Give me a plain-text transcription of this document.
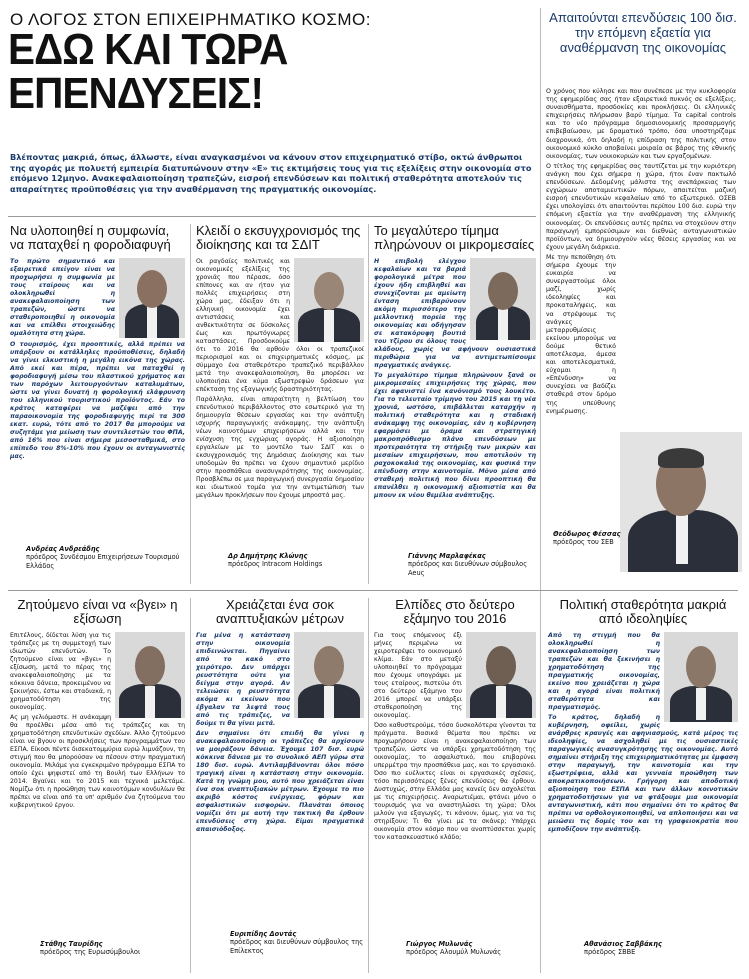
Ο ΛΟΓΟΣ ΣΤΟΝ ΕΠΙΧΕΙΡΗΜΑΤΙΚΟ ΚΟΣΜΟ:
ΕΔΩ ΚΑΙ ΤΩΡΑ
ΕΠΕΝΔΥΣΕΙΣ!
Βλέποντας μακριά, όπως, άλλωστε, είναι αναγκασμένοι να κάνουν στον επιχειρηματικό στίβο, οκτώ άνθρωποι της αγοράς με πολυετή εμπειρία διατυπώνουν στην «Ε» τις εκτιμήσεις τους για τις εξελίξεις στην οικονομία στο επόμενο 12μηνο. Ανακεφαλαιοποίηση τραπεζών, εισροή επενδύσεων και πολιτική σταθερότητα αποτελούν τις απαραίτητες προϋποθέσεις για την αναθέρμανση της πραγματικής οικονομίας.
Να υλοποιηθεί η συμφωνία, να παταχθεί η φοροδιαφυγή
Το πρώτο σημαντικό και εξαιρετικά επείγον είναι να προχωρήσει η συμφωνία με τους εταίρους και να ολοκληρωθεί η ανακεφαλαιοποίηση των τραπεζών, ώστε να σταθεροποιηθεί η οικονομία και να επέλθει στοιχειώδης ομαλότητα στη χώρα.
Ο τουρισμός, έχει προοπτικές, αλλά πρέπει να υπάρξουν οι κατάλληλες προϋποθέσεις, δηλαδή να γίνει ελκυστική η μεγάλη εικόνα της χώρας. Από εκεί και πέρα, πρέπει να παταχθεί η φοροδιαφυγή μέσω του πλαστικού χρήματος και των παρόχων λειτουργούντων καταλυμάτων, ώστε να γίνει δυνατή η φορολογική ελάφρυνση του ελληνικού τουριστικού προϊόντος. Εάν το κράτος καταφέρει να μαζέψει από την παραοικονομία της φοροδιαφυγής περί τα 300 εκατ. ευρώ, τότε από το 2017 θα μπορούμε να συζητάμε για μείωση των συντελεστών του ΦΠΑ, από 16% που είναι σήμερα μεσοσταθμικά, στο επίπεδο του 8%-10% που έχουν οι ανταγωνιστές μας.
Ανδρέας Ανδρεάδης
πρόεδρος Συνδέσμου Επιχειρήσεων Τουρισμού Ελλάδος
Κλειδί ο εκσυγχρονισμός της διοίκησης και τα ΣΔΙΤ
Οι ραγδαίες πολιτικές και οικονομικές εξελίξεις της χρονιάς που πέρασε, όσο επίπονες και αν ήταν για πολλές επιχειρήσεις στη χώρα μας, έδειξαν ότι η ελληνική οικονομία έχει αντιστάσεις και ανθεκτικότητα σε δύσκολες έως και πρωτόγνωρες καταστάσεις. Προσδοκούμε ότι το 2016 θα αρθούν όλοι οι τραπεζικοί περιορισμοί και οι επιχειρηματικές κόσμος, με σύμμαχο ένα σταθερότερο τραπεζικό περιβάλλον μετά την ανακεφαλαιοποίηση, θα μπορέσει να υλοποιήσει ένα κύμα εξωστρεφών δράσεων για επέκταση της εξαγωγικής δραστηριότητας.
Παράλληλα, είναι απαραίτητη η βελτίωση του επενδυτικού περιβάλλοντος στο εσωτερικό για τη δημιουργία θέσεων εργασίας και την ανάπτυξη ισχυρής παραγωγικής ανάκαμψης, την ανάπτυξη νέων καινοτόμων επιχειρήσεων αλλά και την ενίσχυση της εγχώριας αγοράς. Η αξιοποίηση εργαλείων με το μοντέλο των ΣΔΙΤ και ο εκσυγχρονισμός της Δημόσιας Διοίκησης και των υποδομών θα πρέπει να έχουν σημαντικό μερίδιο στην προσπάθεια ανασυγκρότησης της οικονομίας. Προσβλέπω σε μια παραγωγική συνεργασία δημοσίου και ιδιωτικού τομέα για την αντιμετώπιση των μεγάλων προκλήσεων που έχουμε μπροστά μας.
Δρ Δημήτρης Κλώνης
πρόεδρος Intracom Holdings
Το μεγαλύτερο τίμημα πληρώνουν οι μικρομεσαίες
Η επιβολή ελέγχου κεφαλαίων και τα βαριά φορολογικά μέτρα που έχουν ήδη επιβληθεί και συνεχίζονται με αμείωτη ένταση επιβαρύνουν ακόμη περισσότερο την μελλοντική πορεία της οικονομίας και οδήγησαν σε κατακόρυφη βουτιά του τζίρου σε όλους τους κλάδους, χωρίς να αφήνουν ουσιαστικά περιθώρια για να αντιμετωπίσουμε πραγματικές ανάγκες.
Το μεγαλύτερο τίμημα πληρώνουν ξανά οι μικρομεσαίες επιχειρήσεις της χώρας, που έχει αφανιστεί ένα κανόνισμό τους λουκέτο. Για το τελευταίο τρίμηνο του 2015 και τη νέα χρονιά, ωστόσο, επιβάλλεται καταρχήν η πολιτική σταθερότητα και η σταδιακή ανάκαμψη της οικονομίας, εάν η κυβέρνηση εφαρμόσει με όραμα και στρατηγική μακροπρόθεσμο πλάνο επενδύσεων με προτεραιότητα τη στήριξη των μικρών και μεσαίων επιχειρήσεων, που αποτελούν τη ραχοκοκαλιά της οικονομίας, και φυσικά την επένδυση στην καινοτομία. Μόνο μέσα από σταθερή πολιτική που δίνει προοπτική θα επανέλθει η οικονομική αξιοπιστία και θα μπουν εκ νέου θεμέλια ανάπτυξης.
Γιάννης Μαρλαφέκας
πρόεδρος και διευθύνων σύμβουλος Aeuς
Ζητούμενο είναι να «βγει» η εξίσωση
Επιτέλους, δίδεται λύση για τις τράπεζες με τη συμμετοχή των ιδιωτών επενδυτών. Το ζητούμενο είναι να «βγει» η εξίσωση, μετά το πέρας της ανακεφαλαιοποίησης με τα κόκκινα δάνεια, προκειμένου να ξεκινήσει, έστω και σταδιακά, η χρηματοδότηση της οικονομίας.
Ας μη γελιόμαστε. Η ανάκαμψη θα προέλθει μέσα από τις τράπεζες και τη χρηματοδότηση επενδυτικών σχεδίων. Άλλο ζητούμενο είναι να βγουν οι προσκλήσεις των προγραμμάτων του ΕΣΠΑ. Είκοσι πέντε δισεκατομμύρια ευρώ λιμνάζουν, τη στιγμή που θα μπορούσαν να πέσουν στην πραγματική οικονομία. Μιλάμε για εγκεκριμένο πρόγραμμα ΕΣΠΑ το οποίο έχει ψηφιστεί από τη Βουλή των Ελλήνων το 2014. Βγαίνει και το 2015 και τεχνικά μελετάμε. Νομίζω ότι η προώθηση των καινοτόμων κονδυλίων θα πρέπει να είναι από τα υπ' αριθμόν ένα ζητούμενα του κυβερνητικού έργου.
Στάθης Ταυρίδης
πρόεδρος της Ευρωσύμβουλοι
Χρειάζεται ένα σοκ αναπτυξιακών μέτρων
Για μένα η κατάσταση στην οικονομία επιδεινώνεται. Πηγαίνει από το κακό στο χειρότερο. Δεν υπάρχει ρευστότητα ούτε για δείγμα στην αγορά. Αν τελειώσει η ρευστότητα ακόμα κι εκείνων που έβγαλαν τα λεφτά τους από τις τράπεζες, να δούμε τι θα γίνει μετά.
Δεν σημαίνει ότι επειδή θα γίνει η ανακεφαλαιοποίηση οι τράπεζες θα αρχίσουν να μοιράζουν δάνεια. Έχουμε 107 δισ. ευρώ κόκκινα δάνεια με το συνολικό ΑΕΠ γύρω στα 180 δισ. ευρώ. Αντιλαμβάνονται όλοι πόσο τραγική είναι η κατάσταση στην οικονομία. Κατά τη γνώμη μου, αυτό που χρειάζεται είναι ένα σοκ αναπτυξιακών μέτρων. Έχουμε το πιο ακριβό κόστος ενέργειας, φόρων και ασφαλιστικών εισφορών. Πλανάται όποιος νομίζει ότι με αυτή την τακτική θα έρθουν επενδύσεις στη χώρα. Είμαι πραγματικά απαισιόδοξος.
Ευριπίδης Δοντάς
πρόεδρος και διευθύνων σύμβουλος της Επίλεκτος
Ελπίδες στο δεύτερο εξάμηνο του 2016
Για τους επόμενους έξι μήνες περιμένω να χειροτερέψει το οικονομικό κλίμα. Εάν στο μεταξύ υλοποιηθεί το πρόγραμμα που έχουμε υπογράψει με τους εταίρους, πιστεύω ότι στο δεύτερο εξάμηνο του 2016 μπορεί να υπάρξει σταθεροποίηση της οικονομίας.
Όσο καθυστερούμε, τόσο δυσκολότερα γίνονται τα πράγματα. Βασικά θέματα που πρέπει να προχωρήσουν είναι η ανακεφαλαιοποίηση των τραπεζών, ώστε να υπάρξει χρηματοδότηση της οικονομίας, το ασφαλιστικό, που επιβαρύνει υπερμέτρα την προσπάθεια μας, και το εργασιακό. Όσο πιο ευέλικτες είναι οι εργασιακές σχέσεις, τόσο περισσότερες ξένες επενδύσεις θα έρθουν. Δυστυχώς, στην Ελλάδα μας κανείς δεν ασχολείται με τις επιχειρήσεις. Αναρωτιέμαι, φτάνει μόνο ο τουρισμός για να αναστηλώσει τη χώρα; Όλοι μιλούν για εξαγωγές, τι κάνουν, όμως, για να τις στηρίξουν; Τι θα γίνει με τα σκάνερ; Υπάρχει οικονομία στον κόσμο που να αναπτύσσεται χωρίς τον κατασκευαστικό κλάδο;
Γιώργος Μυλωνάς
πρόεδρος Αλουμύλ Μυλωνάς
Πολιτική σταθερότητα μακριά από ιδεοληψίες
Από τη στιγμή που θα ολοκληρωθεί η ανακεφαλαιοποίηση των τραπεζών και θα ξεκινήσει η χρηματοδότηση της πραγματικής οικονομίας, εκείνο που χρειάζεται η χώρα και η αγορά είναι πολιτική σταθερότητα και πραγματισμός.
Το κράτος, δηλαδή η κυβέρνηση, οφείλει, χωρίς ανάρθρες κραυγές και αφηνιασμούς, κατά μέρος τις ιδεοληψίες, να ασχοληθεί με τις ουσιαστικές παραγωγικές ανασυγκρότησης της οικονομίας. Αυτό σημαίνει στήριξη της επιχειρηματικότητας με έμφαση στην παραγωγή, την καινοτομία και την εξωστρέφεια, αλλά και γενναία προώθηση των αποκρατικοποιήσεων. Γρήγορη και αποδοτική αξιοποίηση του ΕΣΠΑ και των άλλων κοινοτικών χρηματοδοτήσεων για να φτάξουμε μια οικονομία ανταγωνιστική, κάτι που σημαίνει ότι το κράτος θα πρέπει να ορθολογικοποιηθεί, να απλοποιήσει και να μειώσει τις δομές του και τη γραφειοκρατία που εμποδίζουν την ανάπτυξη.
Αθανάσιος Σαββάκης
πρόεδρος ΣΒΒΕ
Απαιτούνται επενδύσεις 100 δισ. την επόμενη εξαετία για αναθέρμανση της οικονομίας

Ο χρόνος που κύλησε και που συνέπεσε με την κυκλοφορία της εφημερίδας σας ήταν εξαιρετικά πυκνός σε εξελίξεις, συναισθήματα, προσδοκίες και προκλήσεις. Οι ελληνικές επιχειρήσεις πλήρωσαν βαρύ τίμημα. Τα capital controls και το νέο πρόγραμμα δημοσιονομικής προσαρμογής επιβεβαίωσαν, με δραματικό τρόπο, όσα υποστηρίζαμε διαχρονικά, ότι δηλαδή η επίδραση της πολιτικής στον οικονομικό κύκλο αποβαίνει μοιραία σε βάρος της εθνικής οικονομίας, των νοικοκυριών και των εργαζομένων.

Ο τίτλος της εφημερίδας σας ταυτίζεται με την κυριότερη ανάγκη που έχει σήμερα η χώρα, ήτοι έναν πακτωλό επενδύσεων. Δεδομένης μάλιστα της ανεπάρκειας των εγχώριων αποταμιευτικών πόρων, απαιτείται μαζική εισροή επενδυτικών κεφαλαίων από το εξωτερικό. ΟΣΕΒ έχει υπολογίσει ότι απαιτούνται περίπου 100 δισ. ευρώ την επόμενη εξαετία για την αναθέρμανση της ελληνικής οικονομίας. Οι επενδύσεις αυτές πρέπει να στοχεύουν στην παραγωγή εμπορεύσιμων και διεθνώς ανταγωνιστικών προϊόντων, να δημιουργούν νέες θέσεις εργασίας και να έχουν μεγάλη διάρκεια.

Με την πεποίθηση ότι σήμερα έχουμε την ευκαιρία να συνεργαστούμε όλοι μαζί, χωρίς ιδεοληψίες και προκαταλήψεις, και να στρέψουμε τις ανάγκες μεταρρυθμίσεις εκείνου μπορούμε να δούμε θετικό αποτέλεσμα, άμεσα και αποτελεσματικά, εύχομαι η «Επένδυση» να συνεχίσει να βαδίζει σταθερά στον δρόμο της υπεύθυνης ενημέρωσης.

Θεόδωρος Φέσσας
πρόεδρος του ΣΕΒ
